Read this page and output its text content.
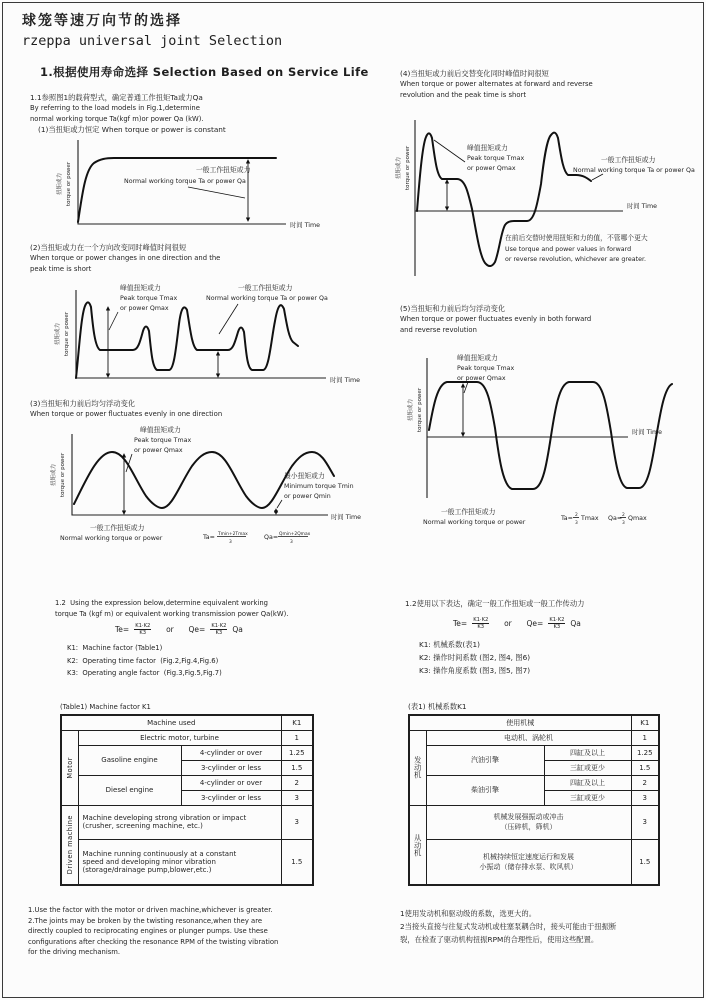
球笼等速万向节的选择
rzeppa universal joint Selection
1.根据使用寿命选择 Selection Based on Service Life
1.1参照图1的载荷型式，确定普通工作扭矩Ta或力Qa
By referring to the load models in Fig.1,determine
normal working torque Ta(kgf m)or power Qa (kW).
(1)当扭矩或力恒定 When torque or power is constant
扭矩或力 torque or power
时间 Time
一般工作扭矩或力
Normal working torque Ta or power Qa
(2)当扭矩或力在一个方向改变同时峰值时间很短
When torque or power changes in one direction and the
peak time is short
扭矩或力 torque or power
时间 Time
峰值扭矩或力
Peak torque Tmax
or power Qmax
一般工作扭矩或力
Normal working torque Ta or power Qa
(3)当扭矩和力前后均匀浮动变化
When torque or power fluctuates evenly in one direction
扭矩或力 torque or power
时间 Time
峰值扭矩或力
Peak torque Tmax
or power Qmax
最小扭矩或力
Minimum torque Tmin
or power Qmin
一般工作扭矩或力
Normal working torque or power	Ta= Tmin+2Tmax
3
Qa= Qmin+2Qmax
3
1.2  Using the expression below,determine equivalent working
torque Ta (kgf m) or equivalent working transmission power Qa(kW).
$Te= \frac{K1\cdot K2}{K3}$
or
$Qe= \frac{K1\cdot K2}{K3}$ Qa
K1:  Machine factor (Table1)
K2:  Operating time factor  (Fig.2,Fig.4,Fig.6)
K3:  Operating angle factor  (Fig.3,Fig.5,Fig.7)
(Table1) Machine factor K1
Machine used			K1

Motor	Electric motor, turbine		1
	Gasoline engine	4-cylinder or over	1.25
		3-cylinder or less	1.5
	Diesel engine	4-cylinder or over	2
		3-cylinder or less	3

Driven machine	Machine developing strong vibration or impact
(crusher, screening machine, etc.)		3

	Machine running continuously at a constant
speed and developing minor vibration
(storage/drainage pump,blower,etc.)		1.5
1.Use the factor with the motor or driven machine,whichever is greater.
2.The joints may be broken by the twisting resonance,when they are
directly coupled to reciprocating engines or plunger pumps. Use these
configurations after checking the resonance RPM of the twisting vibration
for the driving mechanism.
(4)当扭矩或力前后交替变化同时峰值时间很短
When torque or power alternates at forward and reverse
revolution and the peak time is short
扭矩或力 torque or power
时间 Time
峰值扭矩或力
Peak torque Tmax
or power Qmax
一般工作扭矩或力
Normal working torque Ta or power Qa
在前后交替时使用扭矩和力的值，不管哪个更大
Use torque and power values in forward
or reverse revolution, whichever are greater.
(5)当扭矩和力前后均匀浮动变化
When torque or power fluctuates evenly in both forward
and reverse revolution
扭矩或力 torque or power
时间 Time
峰值扭矩或力
Peak torque Tmax
or power Qmax
一般工作扭矩或力
Normal working torque or power
Ta= 2
3
Tmax Qa= 2
3
Qmax
1.2使用以下表达，确定一般工作扭矩或一般工作传动力
$Te= \frac{K1\cdot K2}{K3}$
or
$Qe= \frac{K1\cdot K2}{K3}$ Qa
K1: 机械系数(表1)
K2: 操作时间系数 (图2, 图4, 图6)
K3: 操作角度系数 (图3, 图5, 图7)
(表1) 机械系数K1
使用机械			K1

发动机	电动机、涡轮机		1
	汽油引擎	四缸及以上	1.25
		三缸或更少	1.5
	柴油引擎	四缸及以上	2
		三缸或更少	3

从动机	机械发展强振动或冲击
（压碎机，筛机）		3

	机械持续恒定速度运行和发展
小振动（储存排水泵、吹风机）		1.5
1使用发动机和驱动级的系数，选更大的。
2当接头直接与往复式发动机或柱塞泵耦合时，接头可能由于扭振断
裂，在检查了驱动机构扭振RPM的合理性后，使用这些配置。
